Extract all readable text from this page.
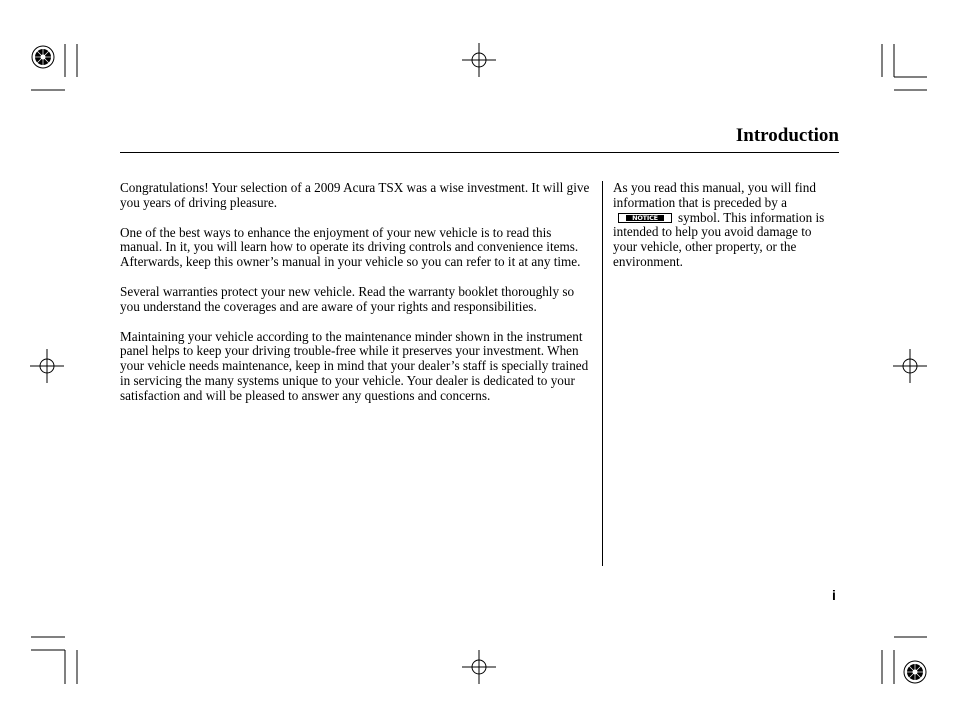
Introduction

Congratulations! Your selection of a 2009 Acura TSX was a wise investment. It will give you years of driving pleasure.

One of the best ways to enhance the enjoyment of your new vehicle is to read this manual. In it, you will learn how to operate its driving controls and convenience items. Afterwards, keep this owner’s manual in your vehicle so you can refer to it at any time.

Several warranties protect your new vehicle. Read the warranty booklet thoroughly so you understand the coverages and are aware of your rights and responsibilities.

Maintaining your vehicle according to the maintenance minder shown in the instrument panel helps to keep your driving trouble-free while it preserves your investment. When your vehicle needs maintenance, keep in mind that your dealer’s staff is specially trained in servicing the many systems unique to your vehicle. Your dealer is dedicated to your satisfaction and will be pleased to answer any questions and concerns.

As you read this manual, you will find information that is preceded by a
NOTICE	symbol. This information is intended to help you avoid damage to your vehicle, other property, or the environment.

i
